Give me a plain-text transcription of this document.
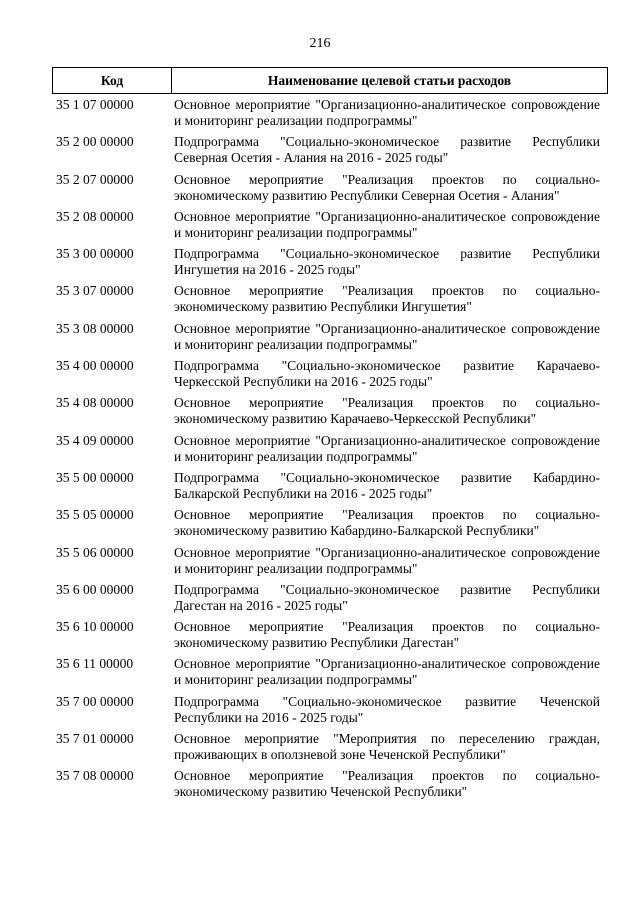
216
Код	Наименование целевой статьи расходов
35 1 07 00000	Основное мероприятие "Организационно-аналитическое сопровождение и мониторинг реализации подпрограммы"
35 2 00 00000	Подпрограмма "Социально-экономическое развитие Республики Северная Осетия - Алания на 2016 - 2025 годы"
35 2 07 00000	Основное мероприятие "Реализация проектов по социально-экономическому развитию Республики Северная Осетия - Алания"
35 2 08 00000	Основное мероприятие "Организационно-аналитическое сопровождение и мониторинг реализации подпрограммы"
35 3 00 00000	Подпрограмма "Социально-экономическое развитие Республики Ингушетия на 2016 - 2025 годы"
35 3 07 00000	Основное мероприятие "Реализация проектов по социально-экономическому развитию Республики Ингушетия"
35 3 08 00000	Основное мероприятие "Организационно-аналитическое сопровождение и мониторинг реализации подпрограммы"
35 4 00 00000	Подпрограмма "Социально-экономическое развитие Карачаево-Черкесской Республики на 2016 - 2025 годы"
35 4 08 00000	Основное мероприятие "Реализация проектов по социально-экономическому развитию Карачаево-Черкесской Республики"
35 4 09 00000	Основное мероприятие "Организационно-аналитическое сопровождение и мониторинг реализации подпрограммы"
35 5 00 00000	Подпрограмма "Социально-экономическое развитие Кабардино-Балкарской Республики на 2016 - 2025 годы"
35 5 05 00000	Основное мероприятие "Реализация проектов по социально-экономическому развитию Кабардино-Балкарской Республики"
35 5 06 00000	Основное мероприятие "Организационно-аналитическое сопровождение и мониторинг реализации подпрограммы"
35 6 00 00000	Подпрограмма "Социально-экономическое развитие Республики Дагестан на 2016 - 2025 годы"
35 6 10 00000	Основное мероприятие "Реализация проектов по социально-экономическому развитию Республики Дагестан"
35 6 11 00000	Основное мероприятие "Организационно-аналитическое сопровождение и мониторинг реализации подпрограммы"
35 7 00 00000	Подпрограмма "Социально-экономическое развитие Чеченской Республики на 2016 - 2025 годы"
35 7 01 00000	Основное мероприятие "Мероприятия по переселению граждан, проживающих в оползневой зоне Чеченской Республики"
35 7 08 00000	Основное мероприятие "Реализация проектов по социально-экономическому развитию Чеченской Республики"
